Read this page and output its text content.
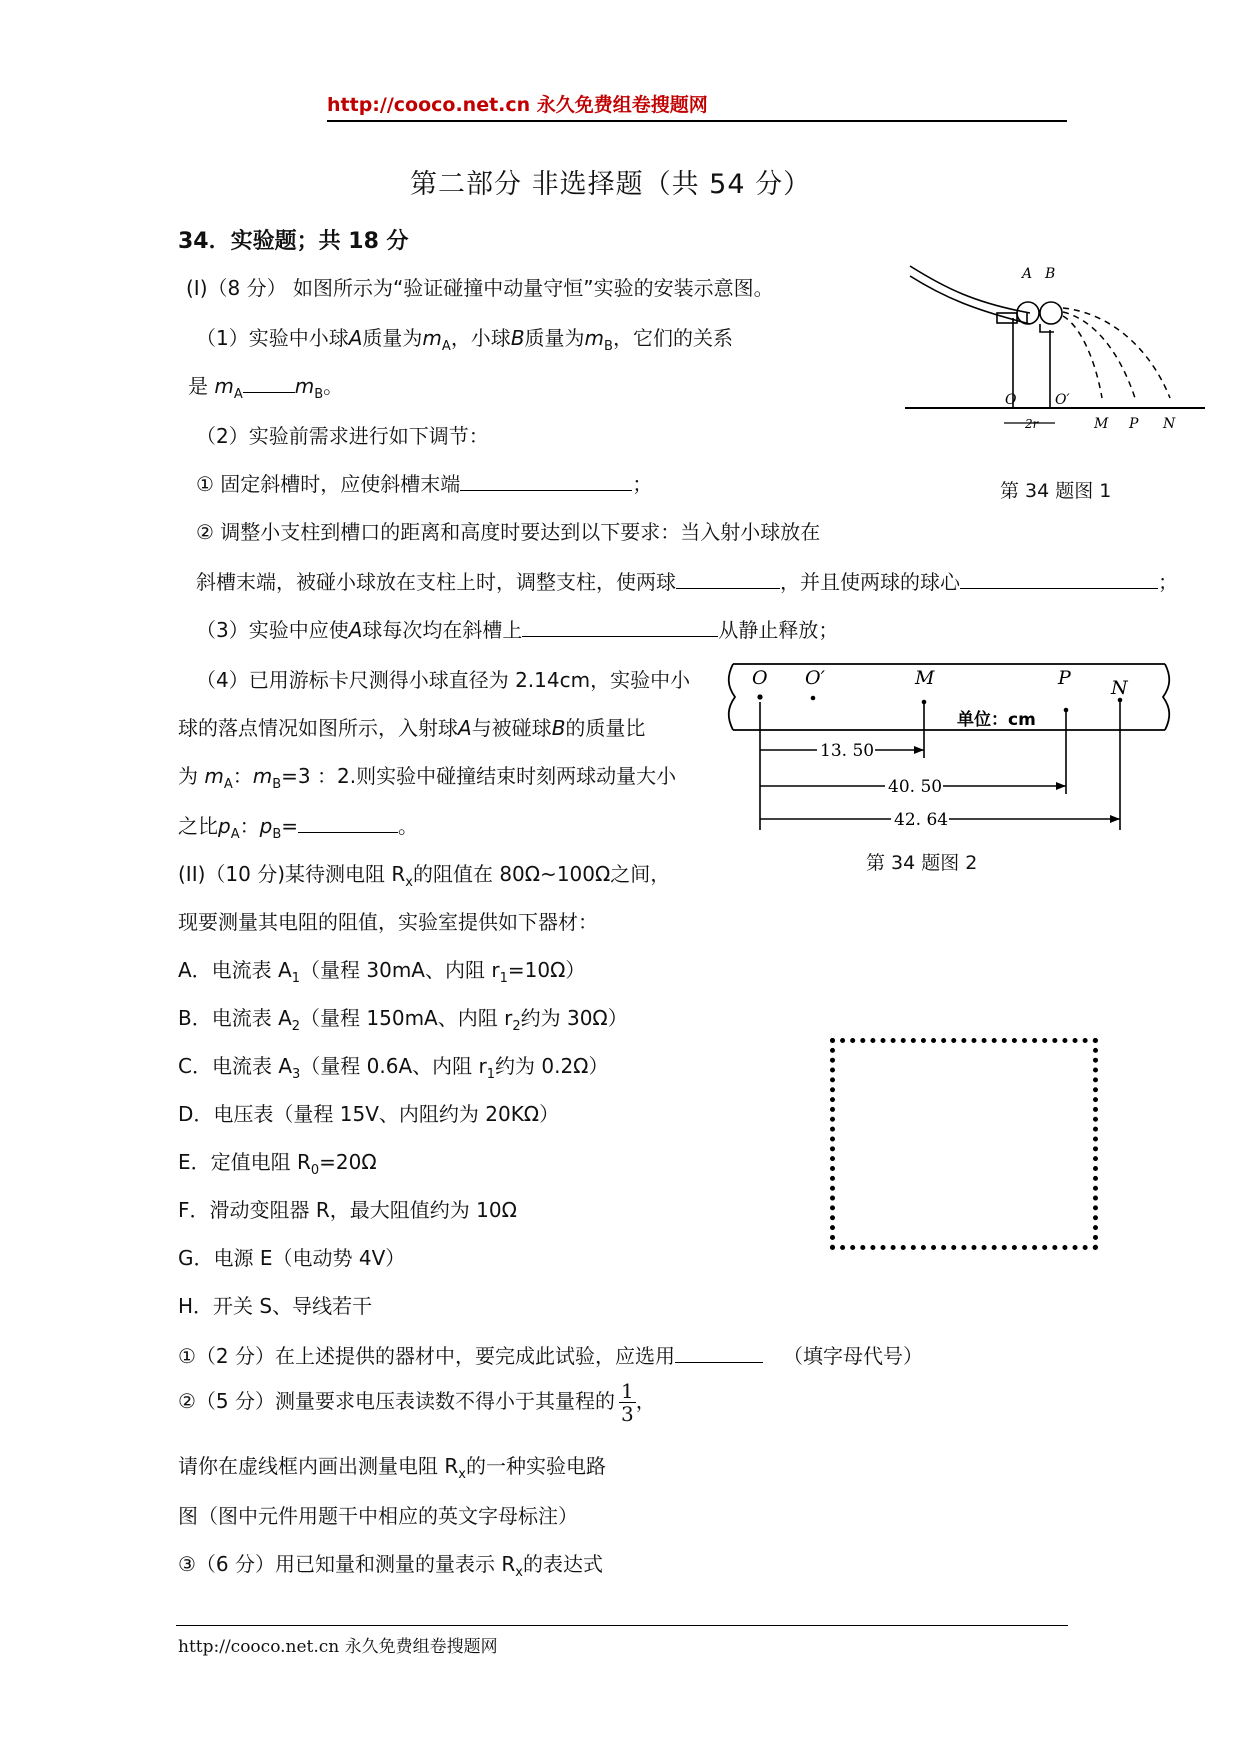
http://cooco.net.cn 永久免费组卷搜题网
第二部分 非选择题（共 54 分）
34．实验题；共 18 分
(I)（8 分） 如图所示为“验证碰撞中动量守恒”实验的安装示意图。
（1）实验中小球A质量为$m_A$，小球B质量为$m_B$，它们的关系
是 $m_A$	$m_B$。
（2）实验前需求进行如下调节：
① 固定斜槽时，应使斜槽末端	；
② 调整小支柱到槽口的距离和高度时要达到以下要求：当入射小球放在
斜槽末端，被碰小球放在支柱上时，调整支柱，使两球	，并且使两球的球心	；
（3）实验中应使A球每次均在斜槽上	从静止释放；
（4）已用游标卡尺测得小球直径为 2.14cm，实验中小
球的落点情况如图所示，入射球A与被碰球B的质量比
为 $m_A$：$m_B=3$ ：2.则实验中碰撞结束时刻两球动量大小
之比$p_A$：$p_B=$	。
A B
O	O′
2r	M P N
第 34 题图 1
O O′	M	P N
单位：cm
13. 50
40. 50
42. 64
第 34 题图 2
(II)（10 分)某待测电阻 $R_x$的阻值在 80Ω~100Ω之间，
现要测量其电阻的阻值，实验室提供如下器材：
A．电流表 $A_1$（量程 30mA、内阻 $r_1=10\Omega$）
B．电流表 $A_2$（量程 150mA、内阻 $r_2$约为 30Ω）
C．电流表 $A_3$（量程 0.6A、内阻 $r_1$约为 0.2Ω）
D．电压表（量程 15V、内阻约为 20KΩ）
E．定值电阻 $R_0=20\Omega$
F．滑动变阻器 R，最大阻值约为 10Ω
G．电源 E（电动势 4V）
H．开关 S、导线若干
①（2 分）在上述提供的器材中，要完成此试验，应选用	（填字母代号）
②（5 分）测量要求电压表读数不得小于其量程的 $\frac{1}{3}$ ，
请你在虚线框内画出测量电阻 $R_x$的一种实验电路
图（图中元件用题干中相应的英文字母标注）
③（6 分）用已知量和测量的量表示 $R_x$的表达式
http://cooco.net.cn 永久免费组卷搜题网
